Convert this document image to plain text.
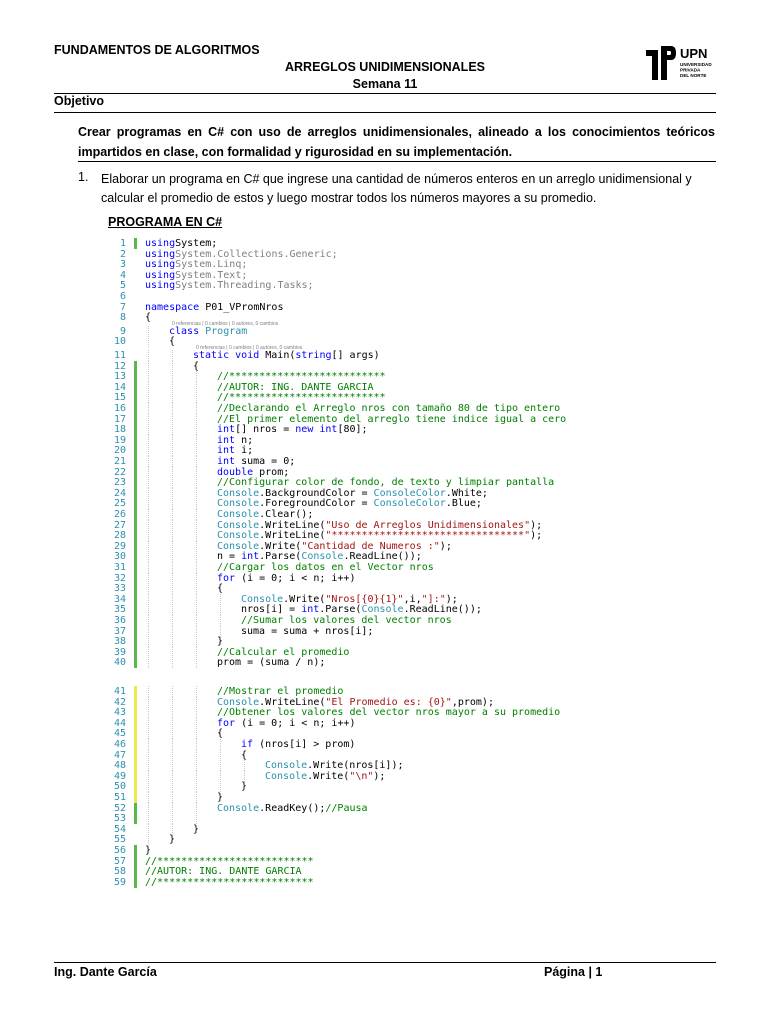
FUNDAMENTOS DE ALGORITMOS
ARREGLOS UNIDIMENSIONALES
Semana 11
UPN
UNIVERSIDAD
PRIVADA
DEL NORTE
Objetivo
Crear programas en C# con uso de arreglos unidimensionales, alineado a los conocimientos teóricos impartidos en clase, con formalidad y rigurosidad en su implementación.
1. Elaborar un programa en C# que ingrese una cantidad de números enteros en un arreglo unidimensional y calcular el promedio de estos y luego mostrar todos los números mayores a su promedio.
PROGRAMA EN C#
1 usingSystem;
2 usingSystem.Collections.Generic;
3 usingSystem.Linq;
4 usingSystem.Text;
5 usingSystem.Threading.Tasks;
6
7 namespace P01_VPromNros
8 {
9	class Program
0 referencias | 0 cambios | 0 autores, 0 cambios
10	{
11	static void Main(string[] args)
0 referencias | 0 cambios | 0 autores, 0 cambios
12	{
13	//**************************
14	//AUTOR: ING. DANTE GARCIA
15	//**************************
16	//Declarando el Arreglo nros con tamaño 80 de tipo entero
17	//El primer elemento del arreglo tiene indice igual a cero
18	int[] nros = new int[80];
19	int n;
20	int i;
21	int suma = 0;
22	double prom;
23	//Configurar color de fondo, de texto y limpiar pantalla
24	Console.BackgroundColor = ConsoleColor.White;
25	Console.ForegroundColor = ConsoleColor.Blue;
26	Console.Clear();
27	Console.WriteLine("Uso de Arreglos Unidimensionales");
28	Console.WriteLine("********************************");
29	Console.Write("Cantidad de Numeros :");
30	n = int.Parse(Console.ReadLine());
31	//Cargar los datos en el Vector nros
32	for (i = 0; i < n; i++)
33	{
34	Console.Write("Nros[{0}{1}",i,"]:");
35	nros[i] = int.Parse(Console.ReadLine());
36	//Sumar los valores del vector nros
37	suma = suma + nros[i];
38	}
39	//Calcular el promedio
40	prom = (suma / n);
41	//Mostrar el promedio
42	Console.WriteLine("El Promedio es: {0}",prom);
43	//Obtener los valores del vector nros mayor a su promedio
44	for (i = 0; i < n; i++)
45	{
46	if (nros[i] > prom)
47	{
48	Console.Write(nros[i]);
49	Console.Write("\n");
50	}
51	}
52	Console.ReadKey();//Pausa
53
54	}
55	}
56 }
57 //**************************
58 //AUTOR: ING. DANTE GARCIA
59 //**************************
Ing. Dante García	Página | 1
